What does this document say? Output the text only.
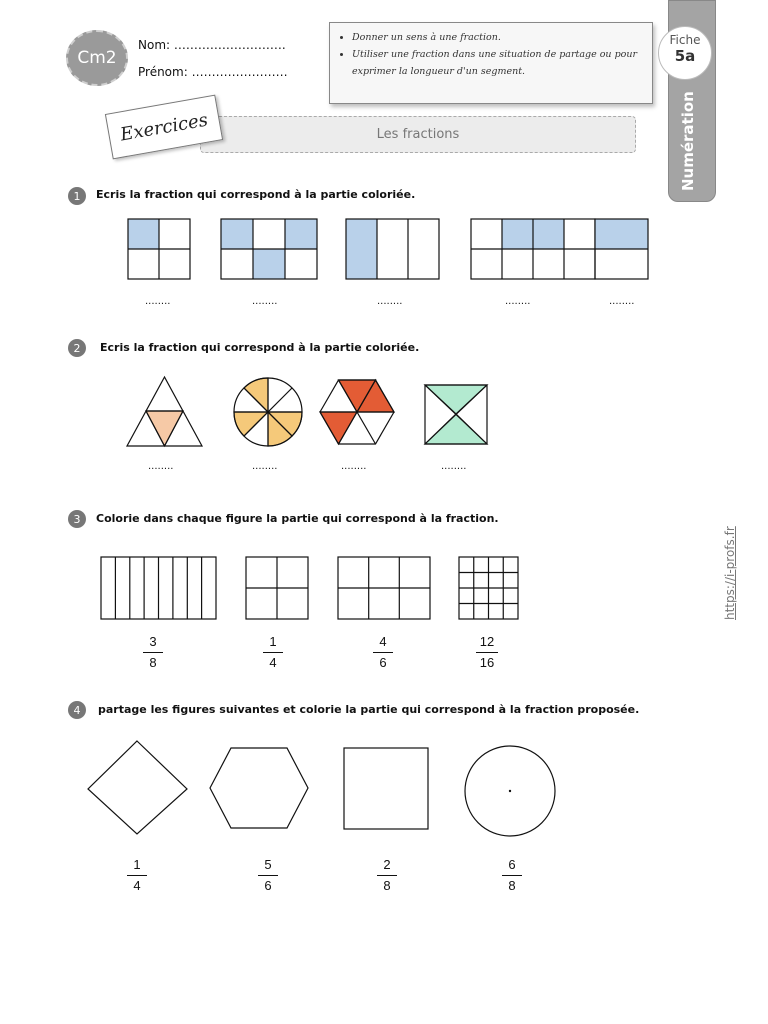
Cm2
Nom: ……………………….
Prénom: ……………………
• Donner un sens à une fraction.
• Utiliser une fraction dans une situation de partage ou pour exprimer la longueur d'un segment.
Numération
Fiche
5a
Les fractions
Exercices
1	Ecris la fraction qui correspond à la partie coloriée.
........	........	........	........	........
2	Ecris la fraction qui correspond à la partie coloriée.
........	........	........	........
3	Colorie dans chaque figure la partie qui correspond à la fraction.
3
8
1
4
4
6
12
16
4	partage les figures suivantes et colorie la partie qui correspond à la fraction proposée.
1
4
5
6
2
8
6
8
https://i-profs.fr
